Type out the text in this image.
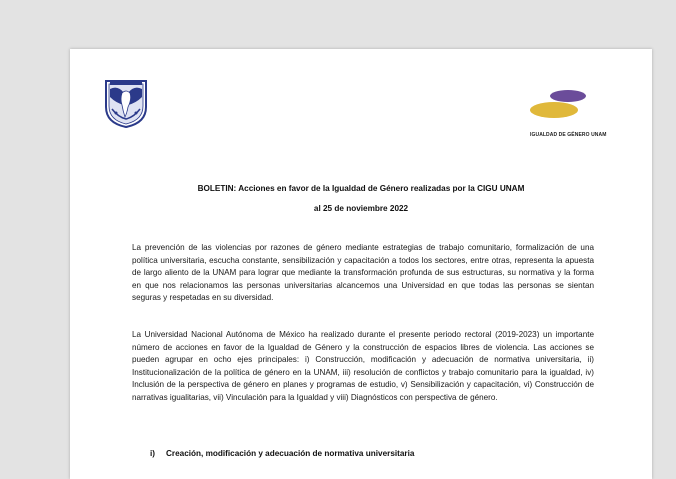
IGUALDAD DE GÉNERO UNAM
BOLETIN: Acciones en favor de la Igualdad de Género realizadas por la CIGU UNAM
al 25 de noviembre 2022

La prevención de las violencias por razones de género mediante estrategias de trabajo comunitario, formalización de una política universitaria, escucha constante, sensibilización y capacitación a todos los sectores, entre otras, representa la apuesta de largo aliento de la UNAM para lograr que mediante la transformación profunda de sus estructuras, su normativa y la forma en que nos relacionamos las personas universitarias alcancemos una Universidad en que todas las personas se sientan seguras y respetadas en su diversidad.

La Universidad Nacional Autónoma de México ha realizado durante el presente periodo rectoral (2019-2023) un importante número de acciones en favor de la Igualdad de Género y la construcción de espacios libres de violencia. Las acciones se pueden agrupar en ocho ejes principales: i) Construcción, modificación y adecuación de normativa universitaria, ii) Institucionalización de la política de género en la UNAM, iii) resolución de conflictos y trabajo comunitario para la igualdad, iv) Inclusión de la perspectiva de género en planes y programas de estudio, v) Sensibilización y capacitación, vi) Construcción de narrativas igualitarias, vii) Vinculación para la Igualdad y viii) Diagnósticos con perspectiva de género.

i) Creación, modificación y adecuación de normativa universitaria
